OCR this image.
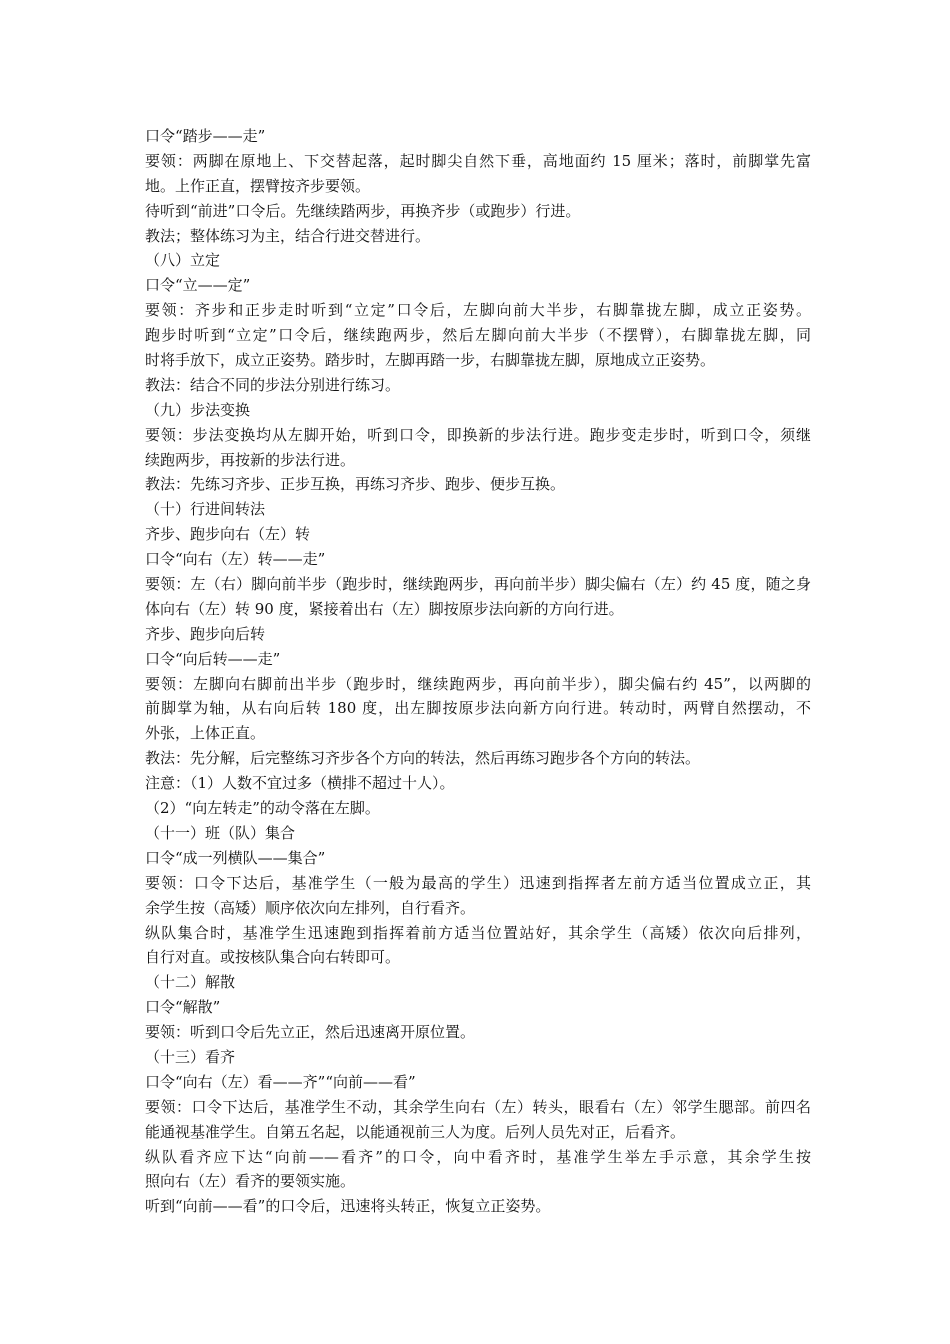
口令“踏步——走”
要领：两脚在原地上、下交替起落，起时脚尖自然下垂，高地面约 15 厘米；落时，前脚掌先富
地。上作正直，摆臂按齐步要领。
待听到“前进”口令后。先继续踏两步，再换齐步（或跑步）行进。
教法；整体练习为主，结合行进交替进行。
（八）立定
口令“立——定”
要领：齐步和正步走时听到“立定”口令后，左脚向前大半步，右脚靠拢左脚，成立正姿势。
跑步时听到“立定”口令后，继续跑两步，然后左脚向前大半步（不摆臂），右脚靠拢左脚，同
时将手放下，成立正姿势。踏步时，左脚再踏一步，右脚靠拢左脚，原地成立正姿势。
教法：结合不同的步法分别进行练习。
（九）步法变换
要领：步法变换均从左脚开始，听到口令，即换新的步法行进。跑步变走步时，听到口令，须继
续跑两步，再按新的步法行进。
教法：先练习齐步、正步互换，再练习齐步、跑步、便步互换。
（十）行进间转法
齐步、跑步向右（左）转
口令“向右（左）转——走”
要领：左（右）脚向前半步（跑步时，继续跑两步，再向前半步）脚尖偏右（左）约 45 度，随之身
体向右（左）转 90 度，紧接着出右（左）脚按原步法向新的方向行进。
齐步、跑步向后转
口令“向后转——走”
要领：左脚向右脚前出半步（跑步时，继续跑两步，再向前半步），脚尖偏右约 45”，以两脚的
前脚掌为轴，从右向后转 180 度，出左脚按原步法向新方向行进。转动时，两臂自然摆动，不
外张，上体正直。
教法：先分解，后完整练习齐步各个方向的转法，然后再练习跑步各个方向的转法。
注意：（1）人数不宜过多（横排不超过十人）。
（2）“向左转走”的动令落在左脚。
（十一）班（队）集合
口令“成一列横队——集合”
要领：口令下达后，基准学生（一般为最高的学生）迅速到指挥者左前方适当位置成立正，其
余学生按（高矮）顺序依次向左排列，自行看齐。
纵队集合时，基准学生迅速跑到指挥着前方适当位置站好，其余学生（高矮）依次向后排列，
自行对直。或按核队集合向右转即可。
（十二）解散
口令“解散”
要领：听到口令后先立正，然后迅速离开原位置。
（十三）看齐
口令“向右（左）看——齐”“向前——看”
要领：口令下达后，基准学生不动，其余学生向右（左）转头，眼看右（左）邻学生腮部。前四名
能通视基准学生。自第五名起，以能通视前三人为度。后列人员先对正，后看齐。
纵队看齐应下达“向前——看齐”的口令，向中看齐时，基准学生举左手示意，其余学生按
照向右（左）看齐的要领实施。
听到“向前——看”的口令后，迅速将头转正，恢复立正姿势。
